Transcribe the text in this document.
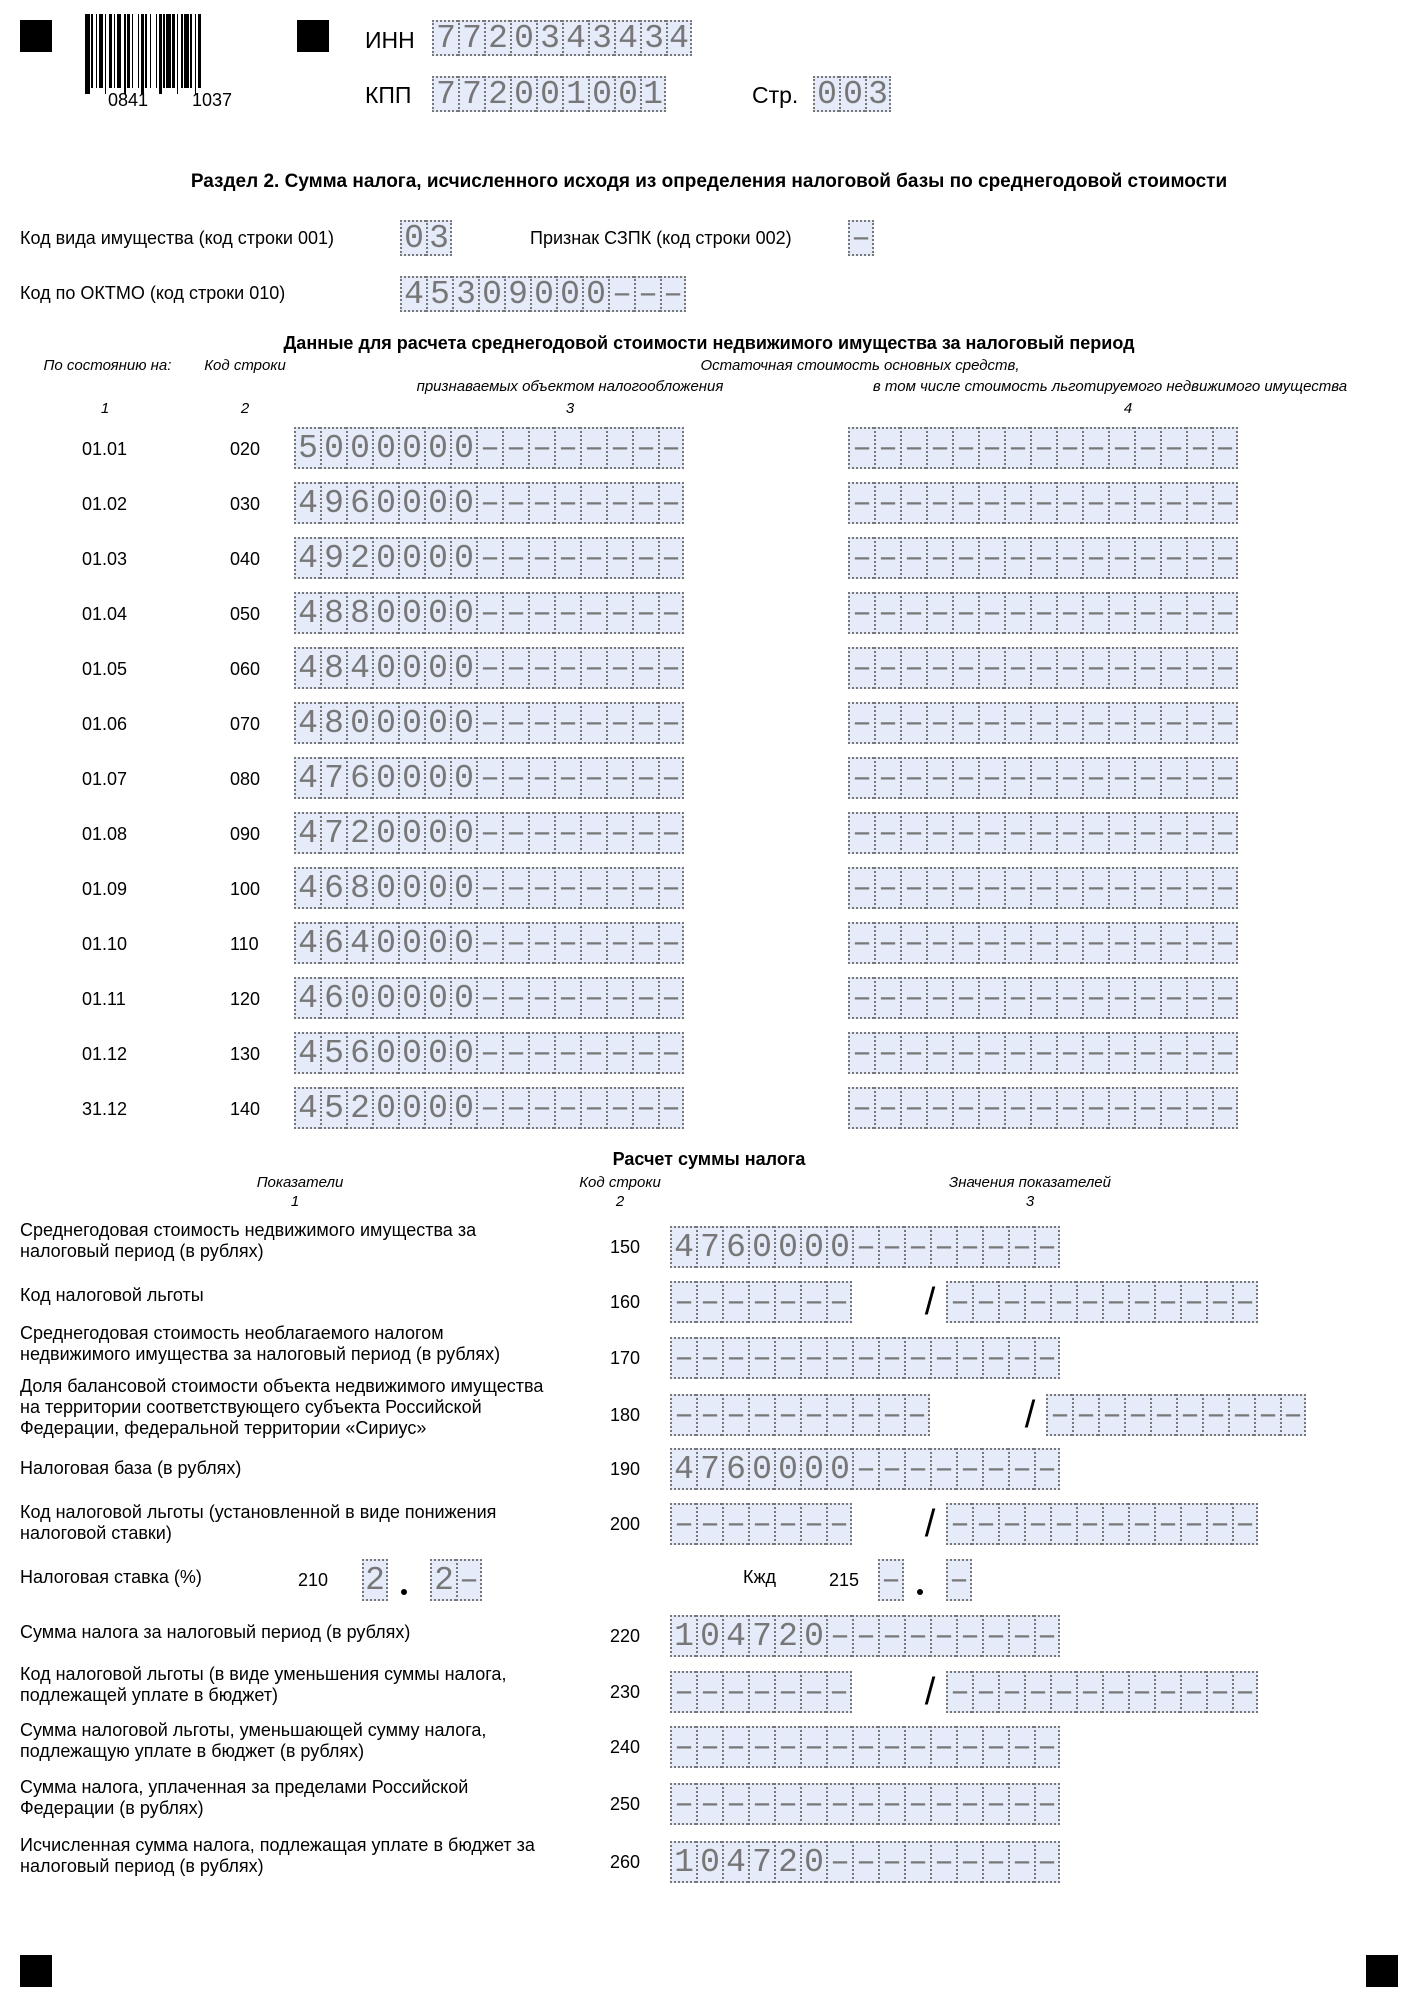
0841 1037
ИНН 7 7 2 0 3 4 3 4 3 4
КПП 7 7 2 0 0 1 0 0 1	Стр. 0 0 3
Раздел 2. Сумма налога, исчисленного исходя из определения налоговой базы по среднегодовой стоимости
Код вида имущества (код строки 001) 0 3	Признак СЗПК (код строки 002) –
Код по ОКТМО (код строки 010)	4 5 3 0 9 0 0 0 – – –
Данные для расчета среднегодовой стоимости недвижимого имущества за налоговый период
По состоянию на:	Код строки	Остаточная стоимость основных средств,
признаваемых объектом налогообложения	в том числе стоимость льготируемого недвижимого имущества
1	2	3	4
01.01	020 5 0 0 0 0 0 0 – – – – – – – –	– – – – – – – – – – – – – – –
01.02	030 4 9 6 0 0 0 0 – – – – – – – –	– – – – – – – – – – – – – – –
01.03	040 4 9 2 0 0 0 0 – – – – – – – –	– – – – – – – – – – – – – – –
01.04	050 4 8 8 0 0 0 0 – – – – – – – –	– – – – – – – – – – – – – – –
01.05	060 4 8 4 0 0 0 0 – – – – – – – –	– – – – – – – – – – – – – – –
01.06	070 4 8 0 0 0 0 0 – – – – – – – –	– – – – – – – – – – – – – – –
01.07	080 4 7 6 0 0 0 0 – – – – – – – –	– – – – – – – – – – – – – – –
01.08	090 4 7 2 0 0 0 0 – – – – – – – –	– – – – – – – – – – – – – – –
01.09	100 4 6 8 0 0 0 0 – – – – – – – –	– – – – – – – – – – – – – – –
01.10	110 4 6 4 0 0 0 0 – – – – – – – –	– – – – – – – – – – – – – – –
01.11	120 4 6 0 0 0 0 0 – – – – – – – –	– – – – – – – – – – – – – – –
01.12	130 4 5 6 0 0 0 0 – – – – – – – –	– – – – – – – – – – – – – – –
31.12	140 4 5 2 0 0 0 0 – – – – – – – –	– – – – – – – – – – – – – – –
Расчет суммы налога
Показатели	Код строки	Значения показателей
1	2	3
Среднегодовая стоимость недвижимого имущества за налоговый период (в рублях)	150 4 7 6 0 0 0 0 – – – – – – – –
Код налоговой льготы	160 – – – – – – – / – – – – – – – – – – – –
Среднегодовая стоимость необлагаемого налогом недвижимого имущества за налоговый период (в рублях)	170 – – – – – – – – – – – – – – –
Доля балансовой стоимости объекта недвижимого имущества на территории соответствующего субъекта Российской Федерации, федеральной территории «Сириус»
180 – – – – – – – – – –	/ – – – – – – – – – –
Налоговая база (в рублях)	190 4 7 6 0 0 0 0 – – – – – – – –
Код налоговой льготы (установленной в виде понижения налоговой ставки)	200 – – – – – – – / – – – – – – – – – – – –
Налоговая ставка (%)	210 2 2 –	Кжд	215 – –
Сумма налога за налоговый период (в рублях)	220 1 0 4 7 2 0 – – – – – – – – –
Код налоговой льготы (в виде уменьшения суммы налога, подлежащей уплате в бюджет)	230 – – – – – – – / – – – – – – – – – – – –
Сумма налоговой льготы, уменьшающей сумму налога, подлежащую уплате в бюджет (в рублях)	240 – – – – – – – – – – – – – – –
Сумма налога, уплаченная за пределами Российской Федерации (в рублях)	250 – – – – – – – – – – – – – – –
Исчисленная сумма налога, подлежащая уплате в бюджет за налоговый период (в рублях)	260 1 0 4 7 2 0 – – – – – – – – –
